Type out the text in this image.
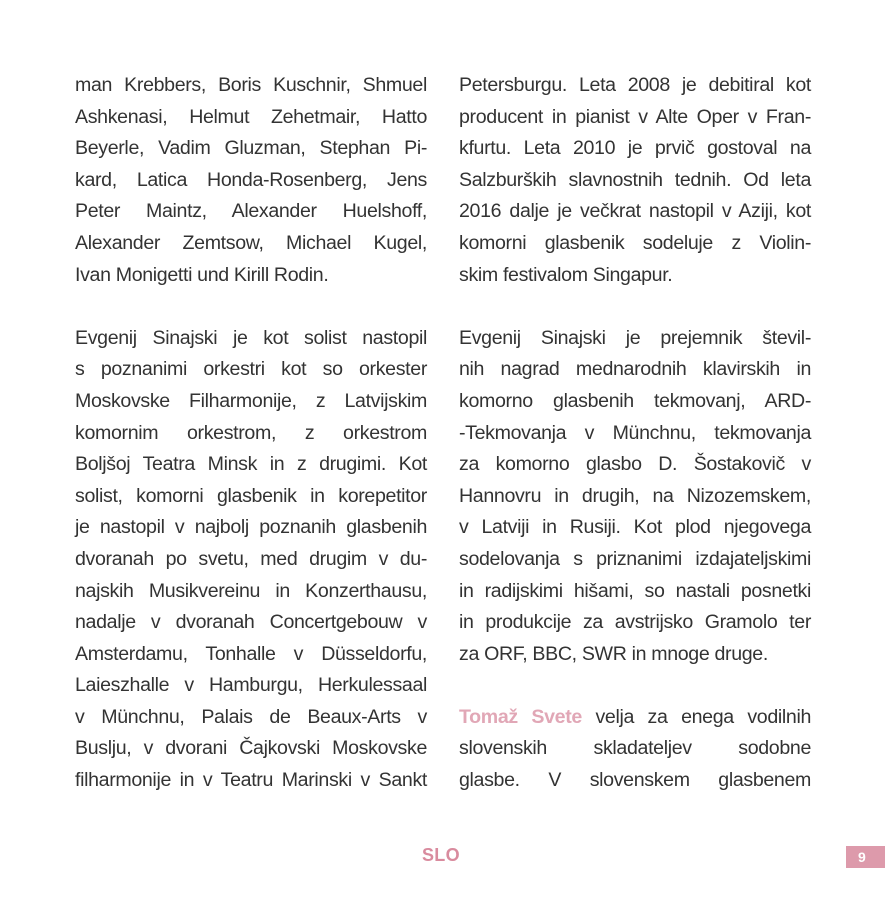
man Krebbers, Boris Kuschnir, Shmuel
Ashkenasi, Helmut Zehetmair, Hatto
Beyerle, Vadim Gluzman, Stephan Pi-
kard, Latica Honda-Rosenberg, Jens
Peter Maintz, Alexander Huelshoff,
Alexander Zemtsow, Michael Kugel,
Ivan Monigetti und Kirill Rodin.
Evgenij Sinajski je kot solist nastopil
s poznanimi orkestri kot so orkester
Moskovske Filharmonije, z Latvijskim
komornim orkestrom, z orkestrom
Boljšoj Teatra Minsk in z drugimi. Kot
solist, komorni glasbenik in korepetitor
je nastopil v najbolj poznanih glasbenih
dvoranah po svetu, med drugim v du-
najskih Musikvereinu in Konzerthausu,
nadalje v dvoranah Concertgebouw v
Amsterdamu, Tonhalle v Düsseldorfu,
Laieszhalle v Hamburgu, Herkulessaal
v Münchnu, Palais de Beaux-Arts v
Buslju, v dvorani Čajkovski Moskovske
filharmonije in v Teatru Marinski v Sankt
Petersburgu. Leta 2008 je debitiral kot
producent in pianist v Alte Oper v Fran-
kfurtu. Leta 2010 je prvič gostoval na
Salzburških slavnostnih tednih. Od leta
2016 dalje je večkrat nastopil v Aziji, kot
komorni glasbenik sodeluje z Violin-
skim festivalom Singapur.
Evgenij Sinajski je prejemnik števil-
nih nagrad mednarodnih klavirskih in
komorno glasbenih tekmovanj, ARD-
-Tekmovanja v Münchnu, tekmovanja
za komorno glasbo D. Šostakovič v
Hannovru in drugih, na Nizozemskem,
v Latviji in Rusiji. Kot plod njegovega
sodelovanja s priznanimi izdajateljskimi
in radijskimi hišami, so nastali posnetki
in produkcije za avstrijsko Gramolo ter
za ORF, BBC, SWR in mnoge druge.
Tomaž Svete velja za enega vodilnih
slovenskih skladateljev sodobne
glasbe. V slovenskem glasbenem
SLO	9
